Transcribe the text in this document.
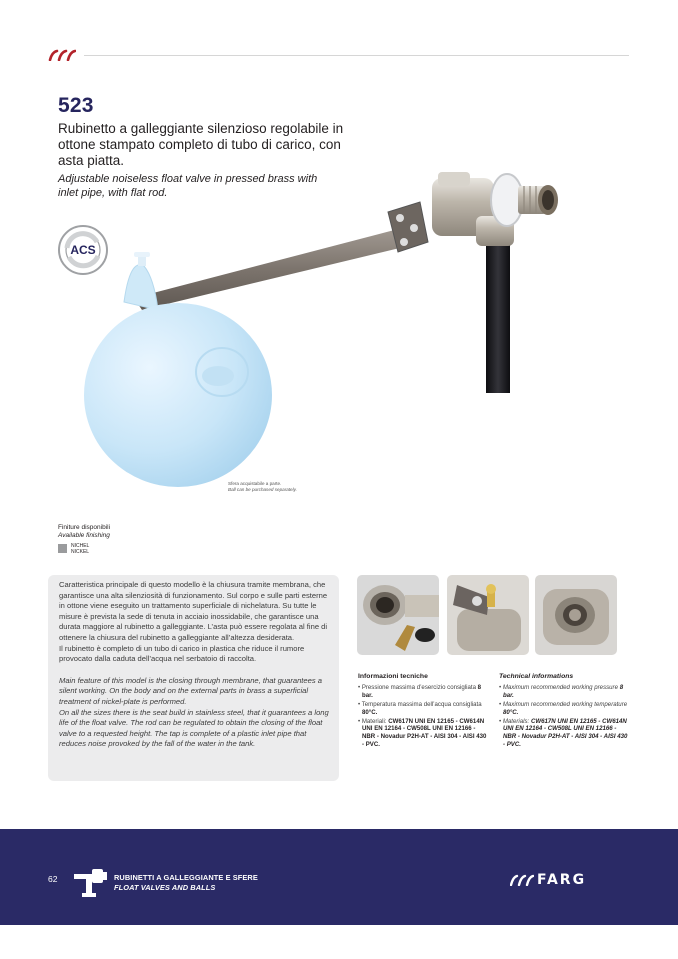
523
Rubinetto a galleggiante silenzioso regolabile in ottone stampato completo di tubo di carico, con asta piatta.
Adjustable noiseless float valve in pressed brass with inlet pipe, with flat rod.
ACS
Sfera acquistabile a parte.
Ball can be purchased separately.
Finiture disponibili
Available finishing
NICHEL
NICKEL

Caratteristica principale di questo modello è la chiusura tramite membrana, che garantisce una alta silenziosità di funzionamento. Sul corpo e sulle parti esterne in ottone viene eseguito un trattamento superficiale di nichelatura. Su tutte le misure è prevista la sede di tenuta in acciaio inossidabile, che garantisce una durata maggiore al rubinetto a galleggiante. L’asta può essere regolata al fine di ottenere la chiusura del rubinetto a galleggiante all’altezza desiderata.

Il rubinetto è completo di un tubo di carico in plastica che riduce il rumore provocato dalla caduta dell’acqua nel serbatoio di raccolta.

Main feature of this model is the closing through membrane, that guarantees a silent working. On the body and on the external parts in brass a superficial treatment of nickel-plate is performed.

On all the sizes there is the seat build in stainless steel, that it guarantees a long life of the float valve. The rod can be regulated to obtain the closing of the float valve to a requested height. The tap is complete of a plastic inlet pipe that reduces noise provoked by the fall of the water in the tank.

Informazioni tecniche
• Pressione massima d’esercizio consigliata 8 bar.
• Temperatura massima dell’acqua consigliata 80°C.
• Materiali: CW617N UNI EN 12165 - CW614N UNI EN 12164 - CW508L UNI EN 12166 - NBR - Novadur P2H-AT - AISI 304 - AISI 430 - PVC.
Technical informations
• Maximum recommended working pressure 8 bar.
• Maximum recommended working temperature 80°C.
• Materials: CW617N UNI EN 12165 - CW614N UNI EN 12164 - CW508L UNI EN 12166 - NBR - Novadur P2H-AT - AISI 304 - AISI 430 - PVC.
62	RUBINETTI A GALLEGGIANTE E SFERE
FLOAT VALVES AND BALLS	FARG
